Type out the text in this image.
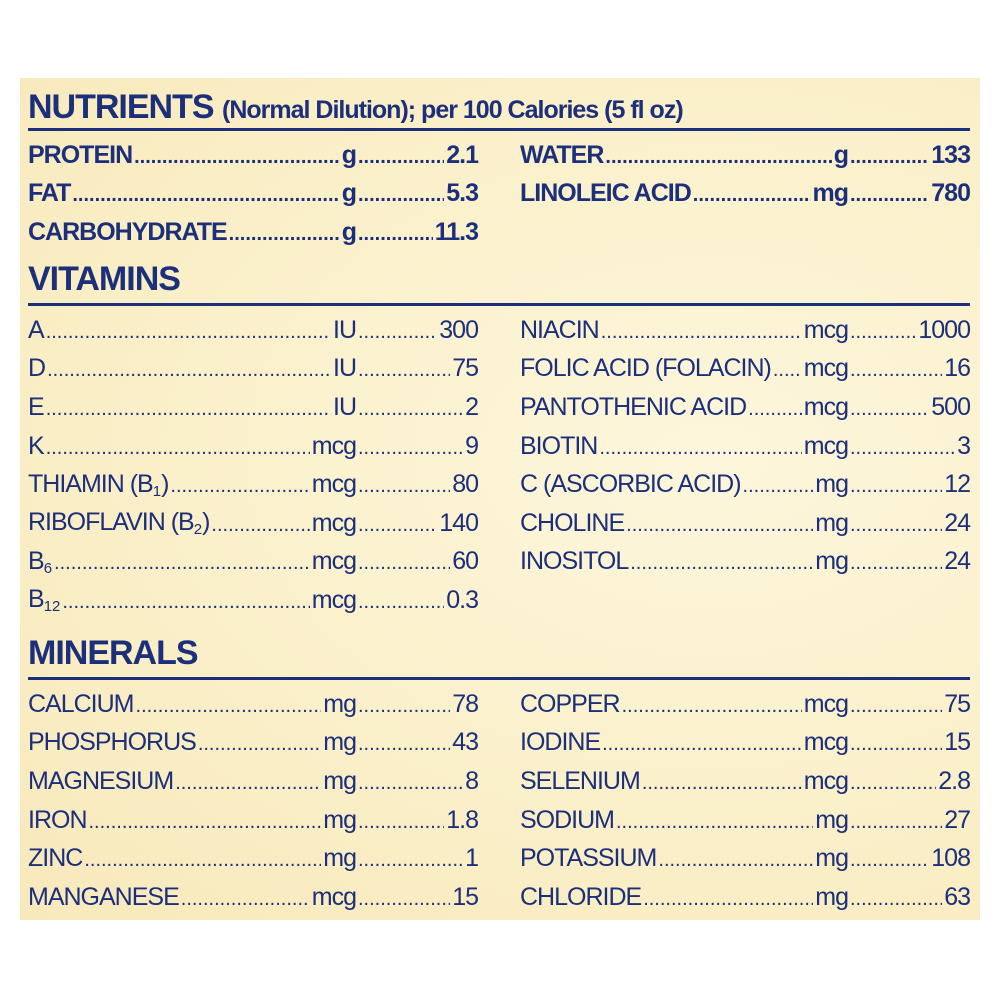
NUTRIENTS (Normal Dilution); per 100 Calories (5 fl oz)
PROTEIN .....	g .....	2.1
FAT .....	g .....	5.3
CARBOHYDRATE .....	g .....	11.3
WATER .....	g .....	133
LINOLEIC ACID .....	mg .....	780
VITAMINS
A .....	IU .....	300
D .....	IU .....	75
E .....	IU .....	2
K .....	mcg .....	9
THIAMIN $(B_1)$ .....	mcg .....	80
RIBOFLAVIN $(B_2)$ .....	mcg .....	140
$B_6$ .....	mcg .....	60
$B_{12}$ .....	mcg .....	0.3
NIACIN .....	mcg .....	1000
FOLIC ACID (FOLACIN) ..... mcg .....	16
PANTOTHENIC ACID ..... mcg .....	500
BIOTIN .....	mcg .....	3
C (ASCORBIC ACID) .....	mg .....	12
CHOLINE .....	mg .....	24
INOSITOL .....	mg .....	24
MINERALS
CALCIUM .....	mg .....	78
PHOSPHORUS .....	mg .....	43
MAGNESIUM .....	mg .....	8
IRON .....	mg .....	1.8
ZINC .....	mg .....	1
MANGANESE .....	mcg .....	15
COPPER .....	mcg .....	75
IODINE .....	mcg .....	15
SELENIUM .....	mcg .....	2.8
SODIUM .....	mg .....	27
POTASSIUM .....	mg .....	108
CHLORIDE .....	mg .....	63
